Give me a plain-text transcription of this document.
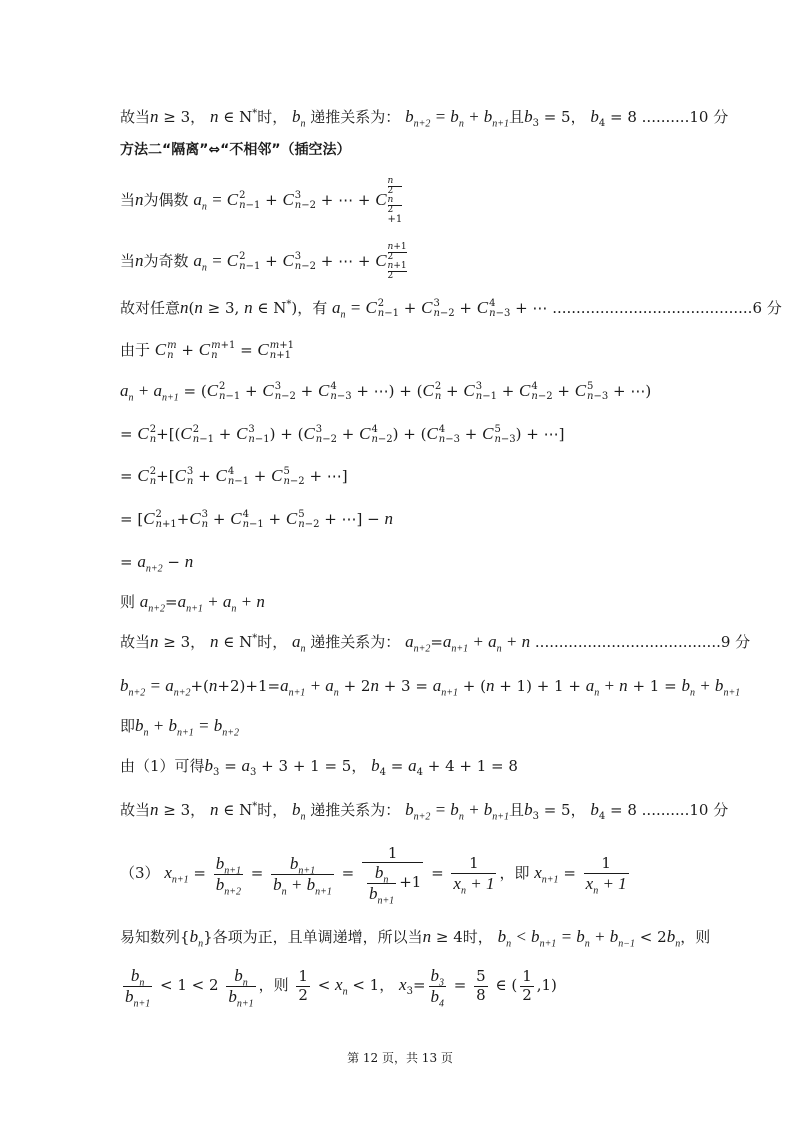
故当n ≥ 3， n ∈ N*时， $b_n$ 递推关系为： $b_{n+2} = b_n + b_{n+1}$且$b_3 = 5$， $b_4 = 8$ ..........10 分
方法二“隔离”⇔“不相邻”（插空法）
当n为偶数 $a_n = C$ 2
n−1 + C 3
n−2 + ⋯ + C
n
2
n
2
+1
当n为奇数 $a_n = C$ 2
n−1 + C 3
n−2 + ⋯ + C
n+1
2
n+1
2
故对任意n(n ≥ 3, n ∈ N*)，有 $a_n = C$ 2
n−1 + C 3
n−2 + C 4
n−3 + ⋯ ..........................................6 分
由于 C m
n + C m+1
n	= C m+1
n+1
$a_n + a_{n+1} = (C$ 2
n−1 + C 3
n−2 + C 4
n−3 + ⋯) + (C 2
n + C 3
n−1 + C 4
n−2 + C 5
n−3 + ⋯)
= C 2
n +[(C 2
n−1 + C 3
n−1 ) + (C 3
n−2 + C 4
n−2 ) + (C 4
n−3 + C 5
n−3 ) + ⋯]
= C 2
n +[C 3
n + C 4
n−1 + C 5
n−2 + ⋯]
= [C 2
n+1 +C 3
n + C 4
n−1 + C 5
n−2 + ⋯] − n
= $a_{n+2} - n$
则 $a_{n+2}=a_{n+1} + a_n + n$
故当n ≥ 3， n ∈ N*时， $a_n$ 递推关系为： $a_{n+2}=a_{n+1} + a_n + n$ .......................................9 分
$b_{n+2} = a_{n+2}+(n+2)+1=a_{n+1} + a_n + 2n + 3 = a_{n+1} + (n + 1) + 1 + a_n + n + 1 = b_n + b_{n+1}$
即$b_n + b_{n+1} = b_{n+2}$
由（1）可得$b_3 = a_3 + 3 + 1 = 5$， $b_4 = a_4 + 4 + 1 = 8$
故当n ≥ 3， n ∈ N*时， $b_n$ 递推关系为： $b_{n+2} = b_n + b_{n+1}$且$b_3 = 5$， $b_4 = 8$ ..........10 分
（3） $x_{n+1} = \frac{b_{n+1}}{b_{n+2}} = \frac{b_{n+1}}{b_n + b_{n+1}} = \frac{1}{\frac{b_n}{b_{n+1}} +1} = \frac{1}{x_n + 1}$ ，即 $x_{n+1} = \frac{1}{x_n + 1}$
易知数列$\{b_n\}$各项为正，且单调递增，所以当n ≥ 4时， $b_n < b_{n+1} = b_n + b_{n-1} < 2b_n$，则
$\frac{b_n}{b_{n+1}} < 1 < 2 \frac{b_n}{b_{n+1}}$ ，则 $\frac{1}{2} < x_n < 1$， $x_3= \frac{b_3}{b_4} = \frac{5}{8}$ ∈ ( $\frac{1}{2} ,1$)
第 12 页，共 13 页
